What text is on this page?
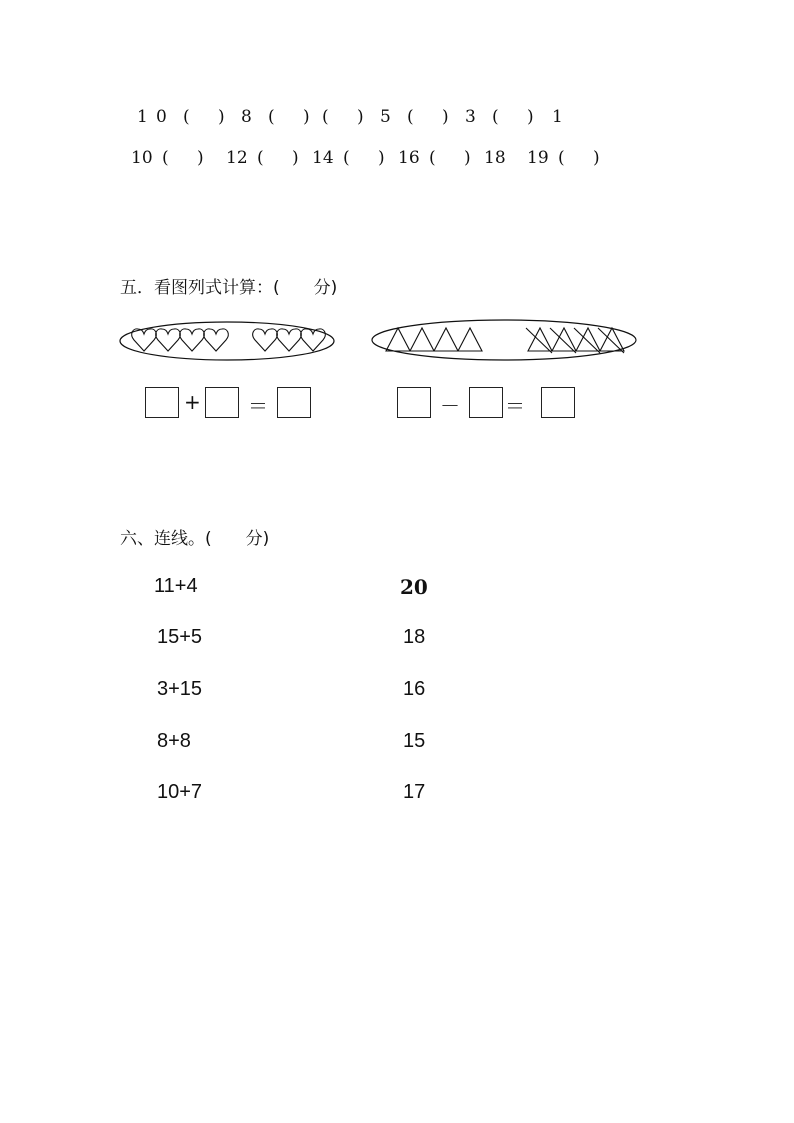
1

0

(

)

8

(

)

(

)

5

(

)

3

(

)

1

10

(

)

12

(

)

14

(

)

16

(

)

18

19

(

)

五．看图列式计算：(　　分)
+ ＝	－ ＝
六、连线。(　　分)
11+4
15+5
3+15
8+8
10+7
20
18
16
15
17
